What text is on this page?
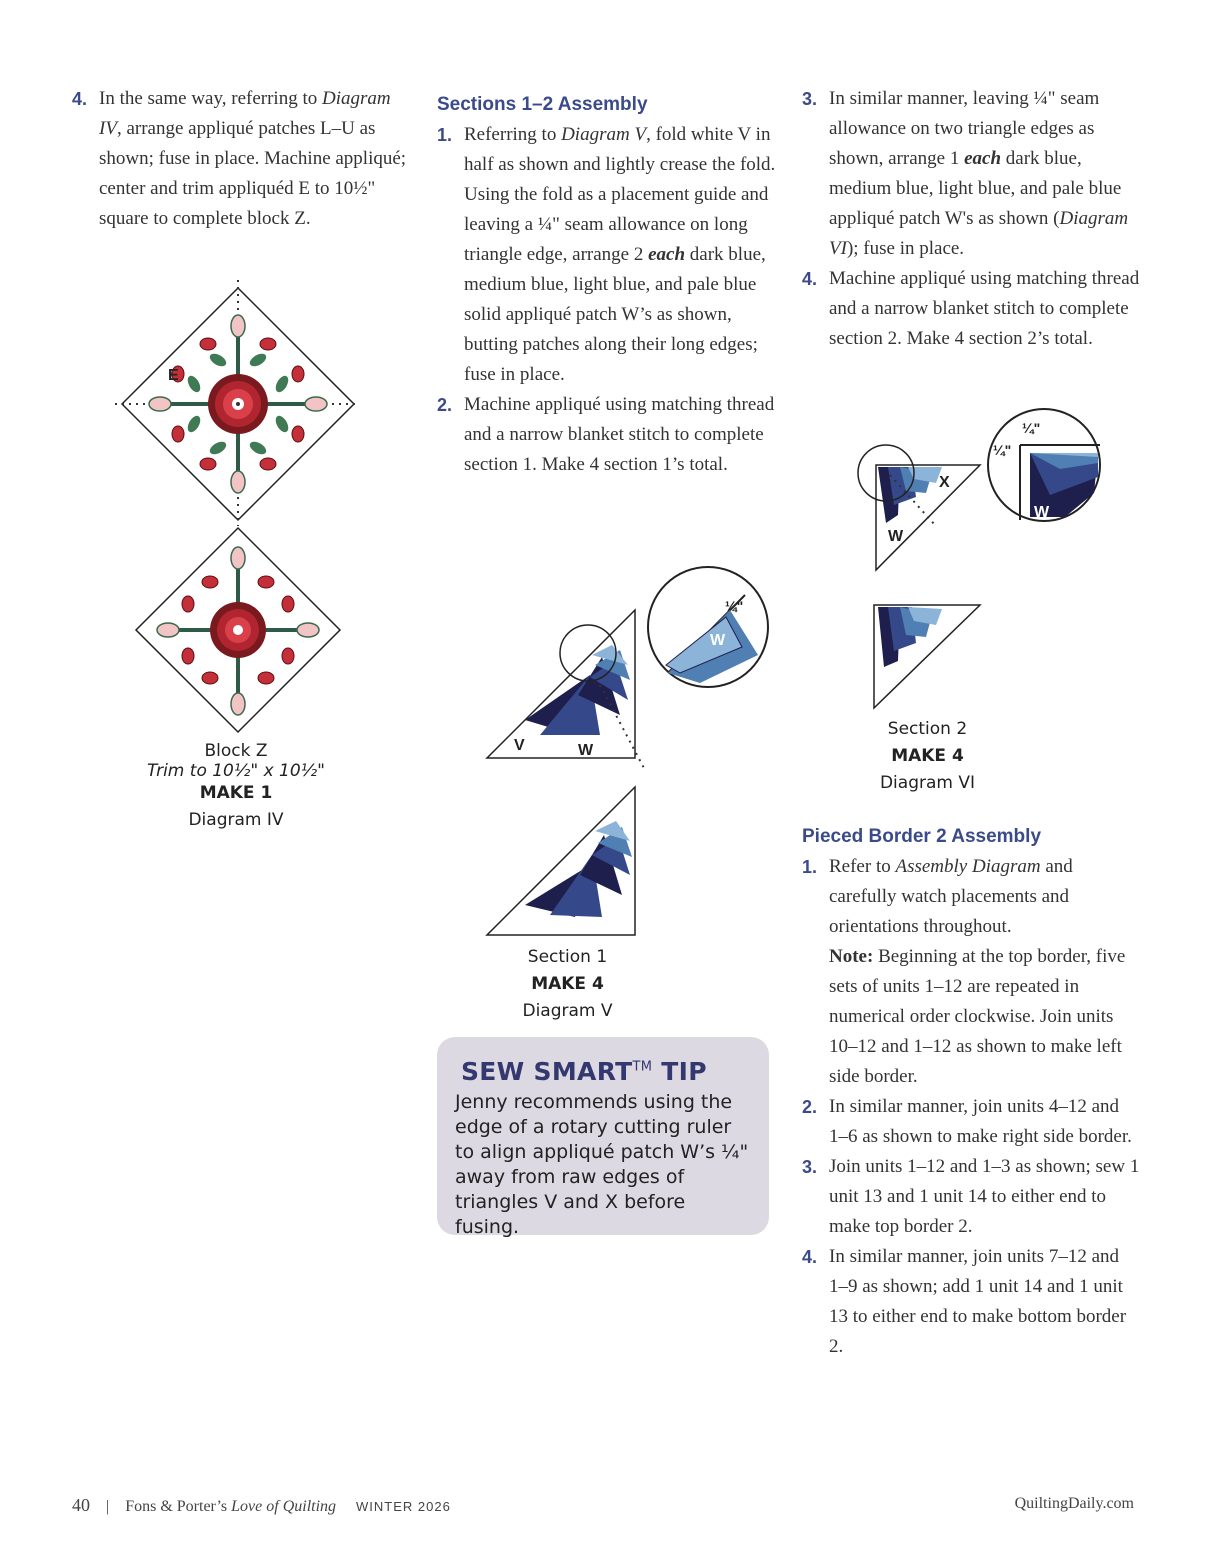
4. In the same way, referring to Diagram IV, arrange appliqué patches L–U as shown; fuse in place. Machine appliqué; center and trim appliquéd E to 10½" square to complete block Z.

E
Block Z
Trim to 10½" x 10½"
MAKE 1
Diagram IV
Sections 1–2 Assembly

1. Referring to Diagram V, fold white V in half as shown and lightly crease the fold. Using the fold as a placement guide and leaving a ¼" seam allowance on long triangle edge, arrange 2 each dark blue, medium blue, light blue, and pale blue solid appliqué patch W’s as shown, butting patches along their long edges; fuse in place.

2. Machine appliqué using matching thread and a narrow blanket stitch to complete section 1. Make 4 section 1’s total.

V	W
¼"
W
Section 1
MAKE 4
Diagram V
SEW SMART™ TIP

Jenny recommends using the edge of a rotary cutting ruler to align appliqué patch W’s ¼" away from raw edges of triangles V and X before fusing.

3. In similar manner, leaving ¼" seam allowance on two triangle edges as shown, arrange 1 each dark blue, medium blue, light blue, and pale blue appliqué patch W's as shown (Diagram VI); fuse in place.

4. Machine appliqué using matching thread and a narrow blanket stitch to complete section 2. Make 4 section 2’s total.

X
W
¼"
¼"
W
Section 2
MAKE 4
Diagram VI
Pieced Border 2 Assembly

1. Refer to Assembly Diagram and carefully watch placements and orientations throughout.
Note: Beginning at the top border, five sets of units 1–12 are repeated in numerical order clockwise. Join units 10–12 and 1–12 as shown to make left side border.

2. In similar manner, join units 4–12 and 1–6 as shown to make right side border.

3. Join units 1–12 and 1–3 as shown; sew 1 unit 13 and 1 unit 14 to either end to make top border 2.

4. In similar manner, join units 7–12 and 1–9 as shown; add 1 unit 14 and 1 unit 13 to either end to make bottom border 2.

40 | Fons & Porter’s Love of Quilting WINTER 2026	QuiltingDaily.com
